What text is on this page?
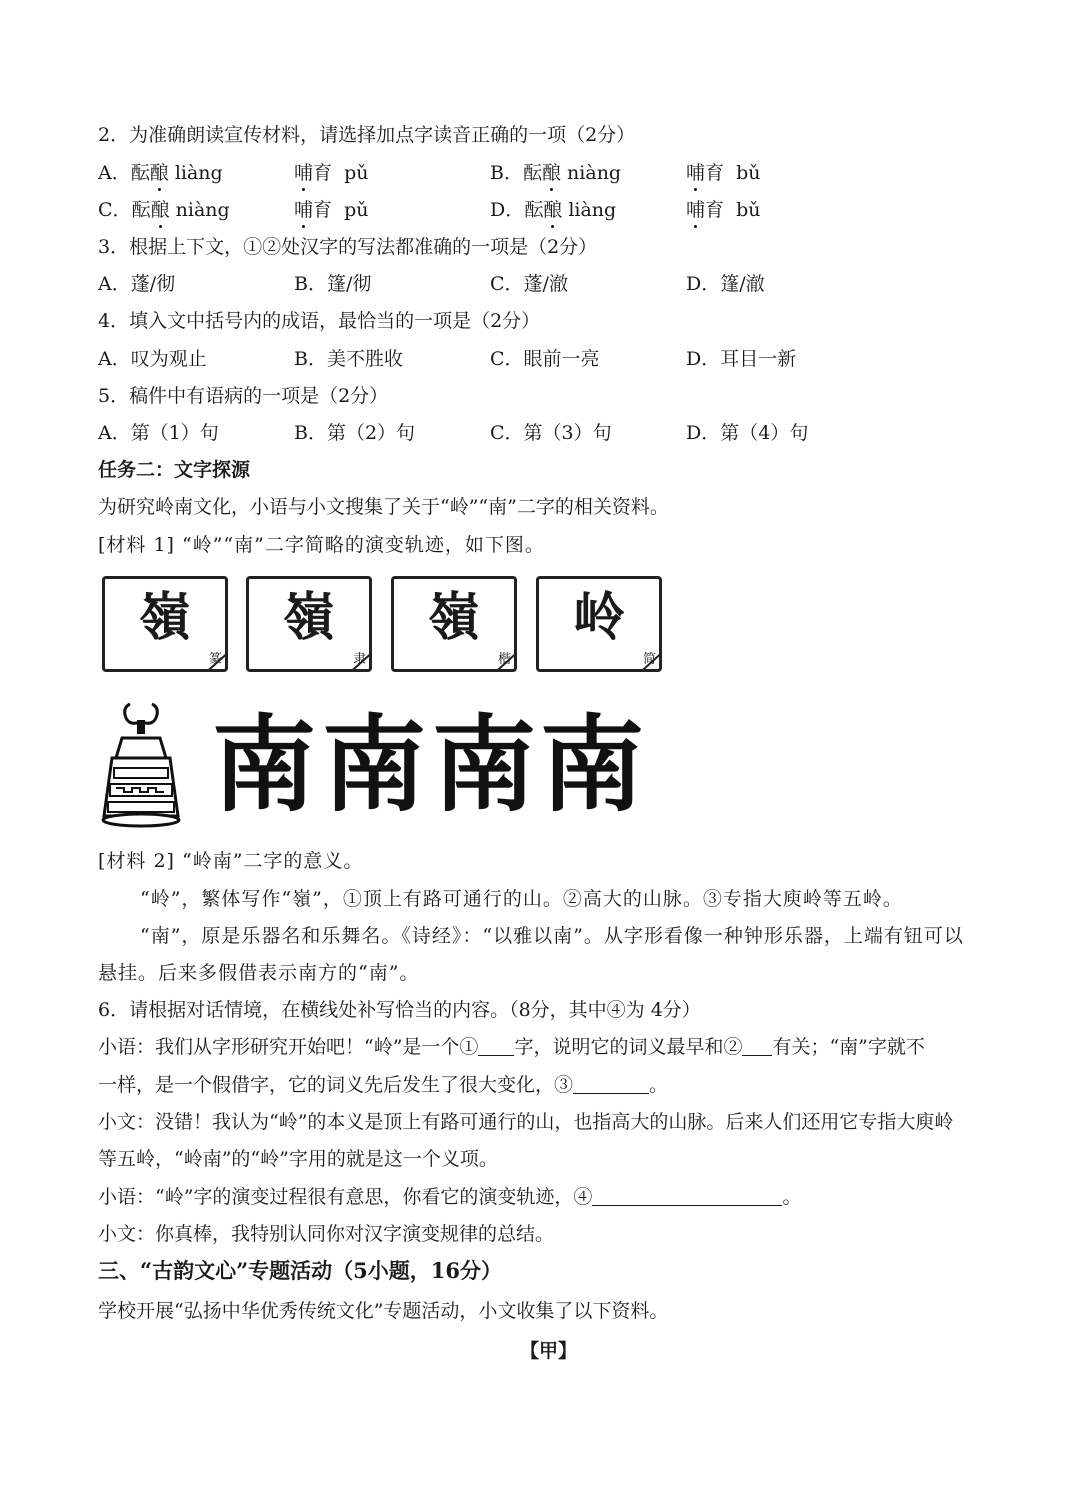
2．为准确朗读宣传材料，请选择加点字读音正确的一项（2分）
A．酝酿 liàng	哺育 pǔ	B．酝酿 niàng	哺育 bǔ
C．酝酿 niàng	哺育 pǔ	D．酝酿 liàng	哺育 bǔ
3．根据上下文，①②处汉字的写法都准确的一项是（2分）
A．蓬/彻	B．篷/彻	C．蓬/澈	D．篷/澈
4．填入文中括号内的成语，最恰当的一项是（2分）
A．叹为观止	B．美不胜收	C．眼前一亮	D．耳目一新
5．稿件中有语病的一项是（2分）
A．第（1）句	B．第（2）句	C．第（3）句	D．第（4）句
任务二：文字探源
为研究岭南文化，小语与小文搜集了关于“岭”“南”二字的相关资料。
[材料 1] “岭”“南”二字简略的演变轨迹，如下图。
嶺
篆
嶺
隶
嶺
楷
岭
简
南 南 南 南
[材料 2] “岭南”二字的意义。
“岭”，繁体写作“嶺”，①顶上有路可通行的山。②高大的山脉。③专指大庾岭等五岭。
“南”，原是乐器名和乐舞名。《诗经》：“以雅以南”。从字形看像一种钟形乐器，上端有钮可以
悬挂。后来多假借表示南方的“南”。
6．请根据对话情境，在横线处补写恰当的内容。（8分，其中④为 4分）
小语：我们从字形研究开始吧！“岭”是一个① 字，说明它的词义最早和② 有关；“南”字就不
一样，是一个假借字，它的词义先后发生了很大变化，③	。
小文：没错！我认为“岭”的本义是顶上有路可通行的山，也指高大的山脉。后来人们还用它专指大庾岭
等五岭，“岭南”的“岭”字用的就是这一个义项。
小语：“岭”字的演变过程很有意思，你看它的演变轨迹，④	。
小文：你真棒，我特别认同你对汉字演变规律的总结。
三、“古韵文心”专题活动（5小题，16分）
学校开展“弘扬中华优秀传统文化”专题活动，小文收集了以下资料。
【甲】
